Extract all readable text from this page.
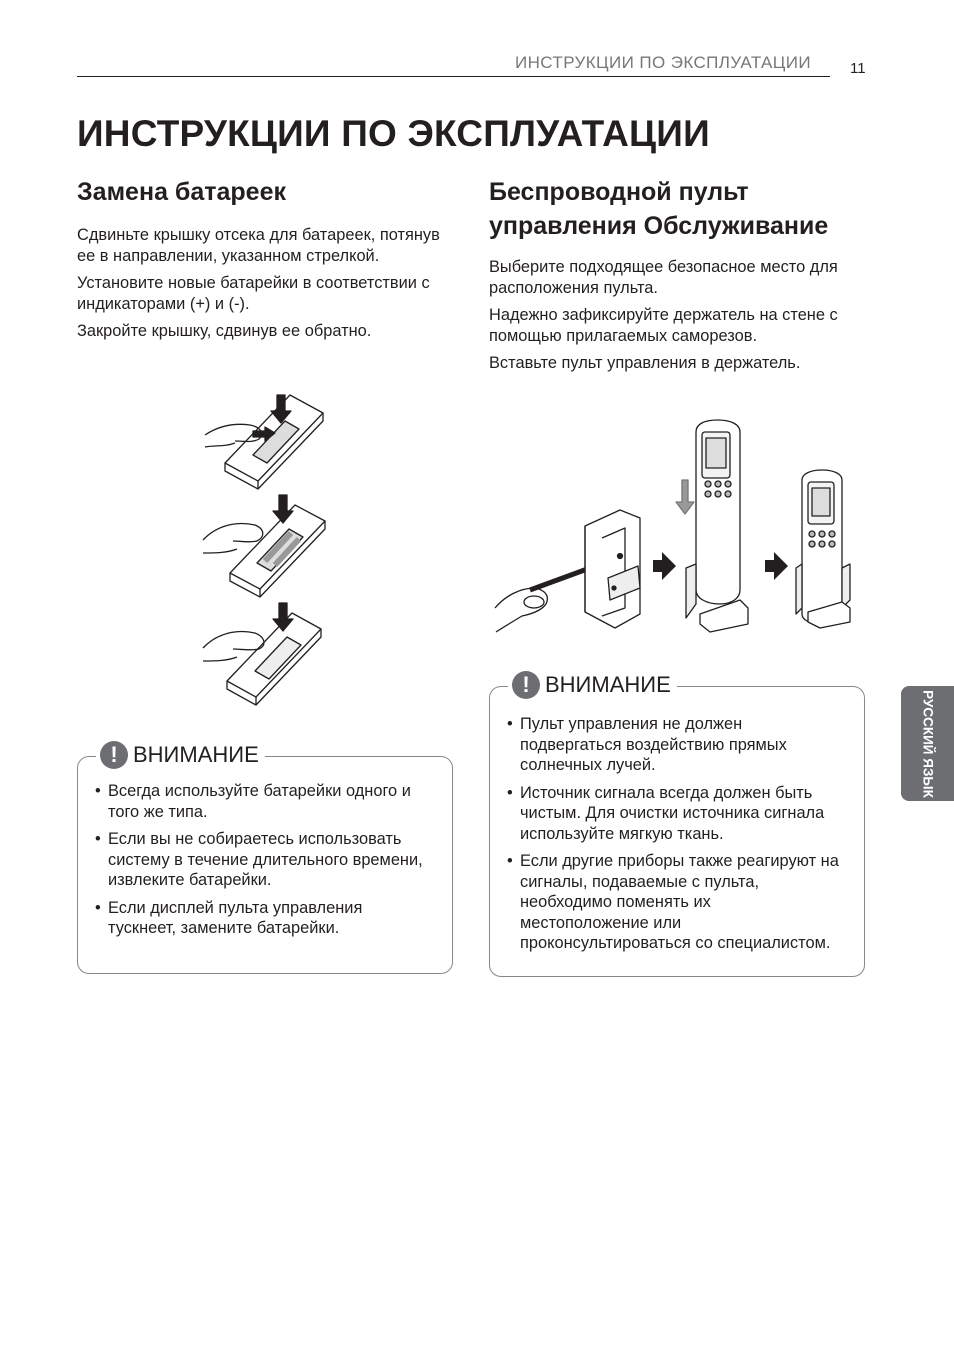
ИНСТРУКЦИИ ПО ЭКСПЛУАТАЦИИ	11
ИНСТРУКЦИИ ПО ЭКСПЛУАТАЦИИ
Замена батареек

Сдвиньте крышку отсека для батареек, потянув ее в направлении, указанном стрелкой.

Установите новые батарейки в соответствии с индикаторами (+) и (-).

Закройте крышку, сдвинув ее обратно.

! ВНИМАНИЕ
• Всегда используйте батарейки одного и того же типа.
• Если вы не собираетесь использовать систему в течение длительного времени, извлеките батарейки.
• Если дисплей пульта управления тускнеет, замените батарейки.
Беспроводной пульт управления Обслуживание

Выберите подходящее безопасное место для расположения пульта.

Надежно зафиксируйте держатель на стене с помощью прилагаемых саморезов.

Вставьте пульт управления в держатель.

! ВНИМАНИЕ
• Пульт управления не должен подвергаться воздействию прямых солнечных лучей.
• Источник сигнала всегда должен быть чистым. Для очистки источника сигнала используйте мягкую ткань.
• Если другие приборы также реагируют на сигналы, подаваемые с пульта, необходимо поменять их местоположение или проконсультироваться со специалистом.
РУССКИЙ ЯЗЫК
